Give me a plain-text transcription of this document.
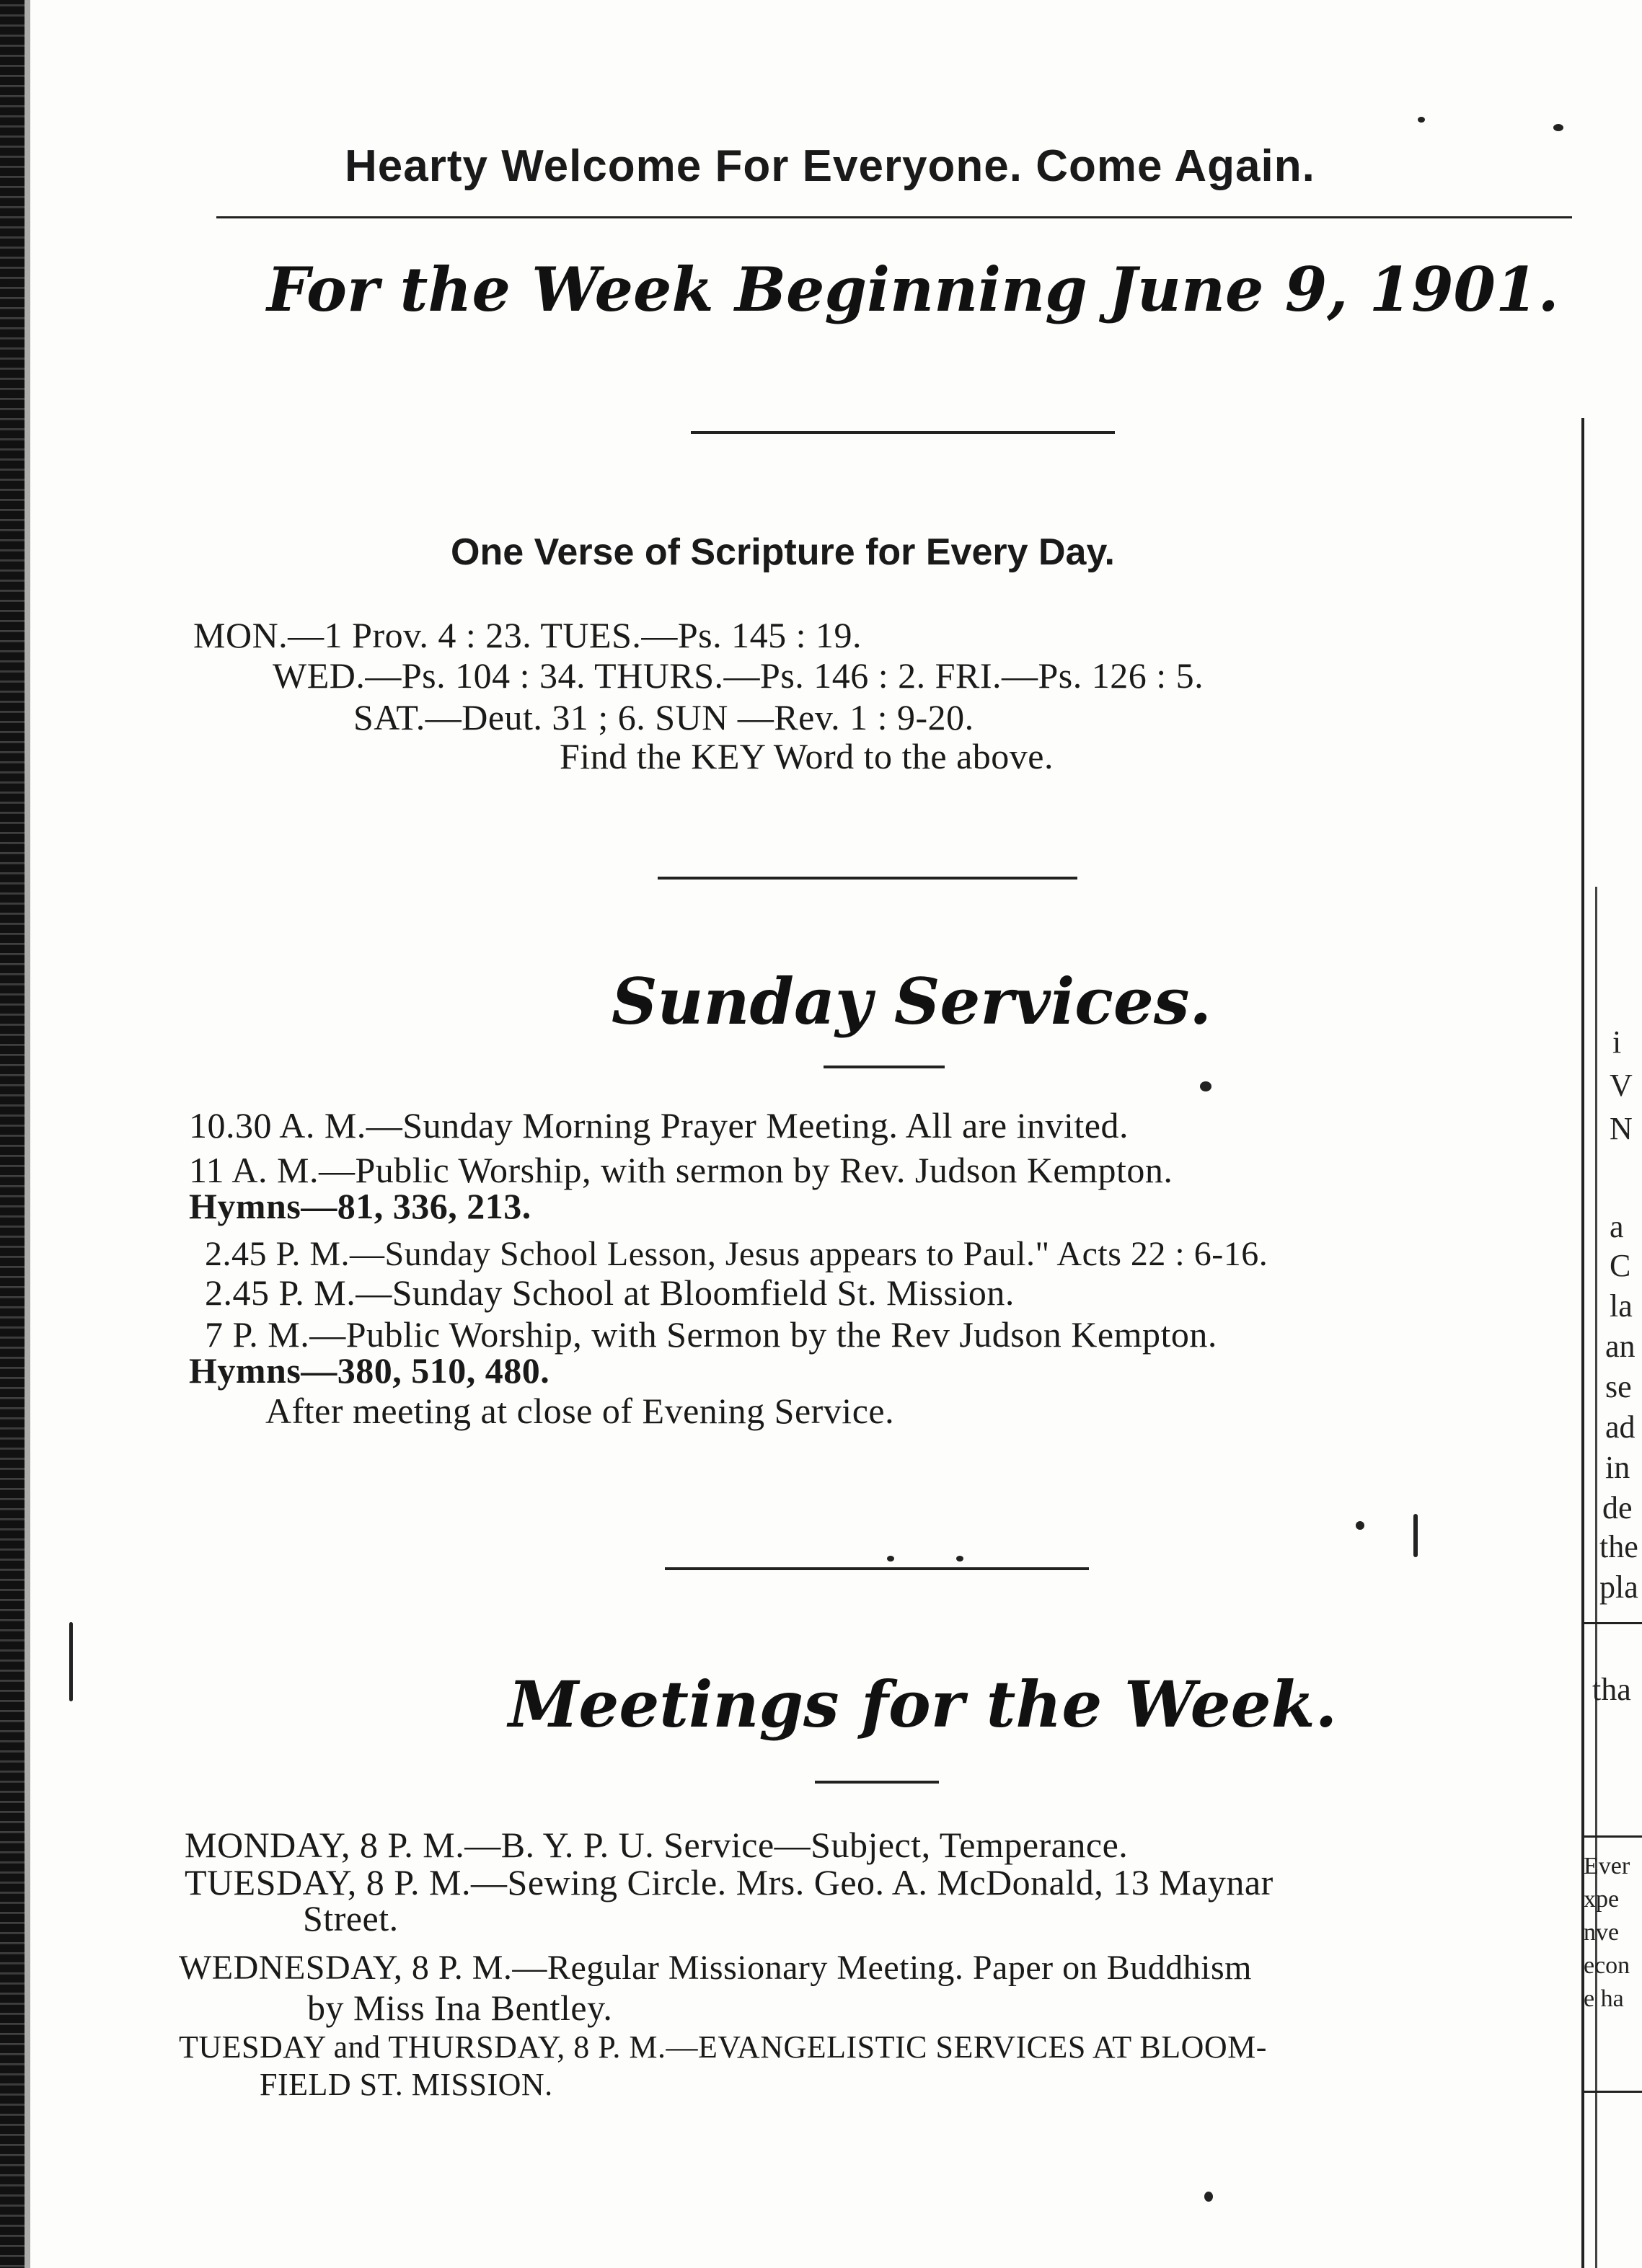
Hearty Welcome For Everyone. Come Again.
For the Week Beginning June 9, 1901.
One Verse of Scripture for Every Day.
MON.—1 Prov. 4 : 23. TUES.—Ps. 145 : 19.
WED.—Ps. 104 : 34. THURS.—Ps. 146 : 2. FRI.—Ps. 126 : 5.
SAT.—Deut. 31 ; 6. SUN —Rev. 1 : 9-20.
Find the KEY Word to the above.
Sunday Services.
10.30 A. M.—Sunday Morning Prayer Meeting. All are invited.
11 A. M.—Public Worship, with sermon by Rev. Judson Kempton.
Hymns—81, 336, 213.
2.45 P. M.—Sunday School Lesson, Jesus appears to Paul." Acts 22 : 6-16.
2.45 P. M.—Sunday School at Bloomfield St. Mission.
7 P. M.—Public Worship, with Sermon by the Rev Judson Kempton.
Hymns—380, 510, 480.
After meeting at close of Evening Service.
Meetings for the Week.
MONDAY, 8 P. M.—B. Y. P. U. Service—Subject, Temperance.
TUESDAY, 8 P. M.—Sewing Circle. Mrs. Geo. A. McDonald, 13 Maynar
Street.
WEDNESDAY, 8 P. M.—Regular Missionary Meeting. Paper on Buddhism
by Miss Ina Bentley.
TUESDAY and THURSDAY, 8 P. M.—EVANGELISTIC SERVICES AT BLOOM-
FIELD ST. MISSION.
i
V
N
a
C
la
an
se
ad
in
de
the
pla
tha
Ever
xpe
nve
econ
e ha
